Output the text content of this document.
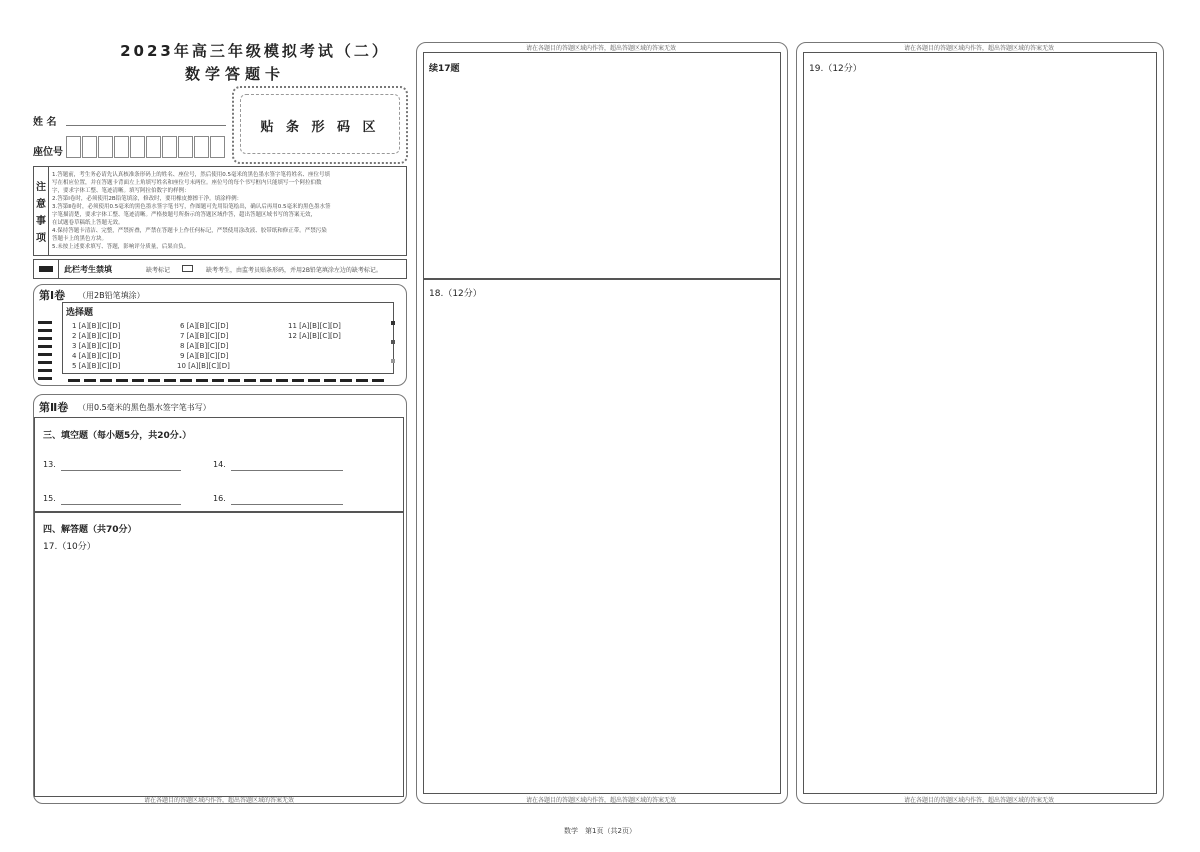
2023年高三年级模拟考试（二）
数学答题卡
姓 名
座位号
贴 条 形 码 区
注
意
事
项
1.答题前，考生务必请先认真核准条形码上的姓名、座位号，然后使用0.5毫米的黑色墨水签字笔将姓名、座位号填
写在相应位置，并在答题卡背面左上角填写姓名和座位号末两位。座位号的每个书写框内只能填写一个阿拉伯数
字，要求字体工整、笔迹清晰。填写阿拉伯数字的样例：
2.答第Ⅰ卷时，必须使用2B铅笔填涂，修改时，要用橡皮擦擦干净。填涂样例：
3.答第Ⅱ卷时，必须使用0.5毫米的黑色墨水签字笔书写，作图题可先用铅笔绘出，确认后再用0.5毫米的黑色墨水签
字笔描清楚，要求字体工整、笔迹清晰。严格按题号所指示的答题区域作答，超出答题区域书写的答案无效，
在试题卷草稿纸上答题无效。
4.保持答题卡清洁、完整，严禁折叠，严禁在答题卡上作任何标记，严禁使用涂改液、胶带纸和修正带。严禁污染
答题卡上的黑色方块。
5.未按上述要求填写、答题，影响评分质量，后果自负。
此栏考生禁填	缺考标记	缺考考生，由监考员贴条形码，并用2B铅笔填涂左边的缺考标记。
第Ⅰ卷 （用2B铅笔填涂）
选择题
1 [A][B][C][D]
2 [A][B][C][D]
3 [A][B][C][D]
4 [A][B][C][D]
5 [A][B][C][D]
6 [A][B][C][D]
7 [A][B][C][D]
8 [A][B][C][D]
9 [A][B][C][D]
10 [A][B][C][D]
11 [A][B][C][D]
12 [A][B][C][D]
第Ⅱ卷 （用0.5毫米的黑色墨水签字笔书写）
三、填空题（每小题5分，共20分.）
13.	14.
15.	16.
四、解答题（共70分）
17.（10分）
请在各题目的答题区域内作答，超出答题区域的答案无效
请在各题目的答题区域内作答，超出答题区域的答案无效
续17题
18.（12分）
请在各题目的答题区域内作答，超出答题区域的答案无效
请在各题目的答题区域内作答，超出答题区域的答案无效
19.（12分）
请在各题目的答题区域内作答，超出答题区域的答案无效
数学　第1页（共2页）
